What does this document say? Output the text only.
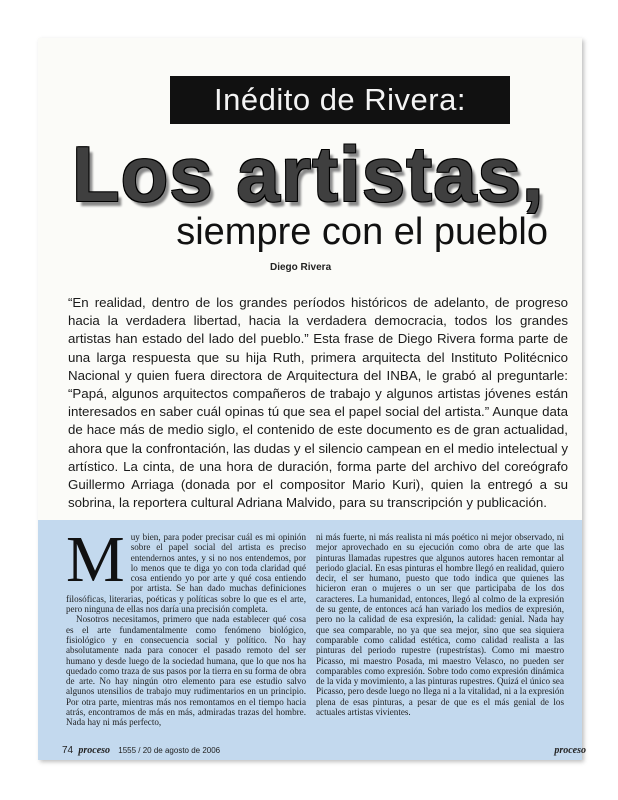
Inédito de Rivera:
Los artistas,
siempre con el pueblo
Diego Rivera

“En realidad, dentro de los grandes períodos históricos de adelanto, de progreso hacia la verdadera libertad, hacia la verdadera democracia, todos los grandes artistas han estado del lado del pueblo.” Esta frase de Diego Rivera forma parte de una larga respuesta que su hija Ruth, primera arquitecta del Instituto Politécnico Nacional y quien fuera directora de Arquitectura del INBA, le grabó al preguntarle: “Papá, algunos arquitectos compañeros de trabajo y algunos artistas jóvenes están interesados en saber cuál opinas tú que sea el papel social del artista.” Aunque data de hace más de medio siglo, el contenido de este documento es de gran actualidad, ahora que la confrontación, las dudas y el silencio campean en el medio intelectual y artístico. La cinta, de una hora de duración, forma parte del archivo del coreógrafo Guillermo Arriaga (donada por el compositor Mario Kuri), quien la entregó a su sobrina, la reportera cultural Adriana Malvido, para su transcripción y publicación.

M uy bien, para poder precisar cuál es mi opinión sobre el papel social del artista es preciso entendernos antes, y si no nos entendemos, por lo menos que te diga yo con toda claridad qué cosa entiendo yo por arte y qué cosa entiendo por artista. Se han dado muchas definiciones filosóficas, literarias, poéticas y políticas sobre lo que es el arte, pero ninguna de ellas nos daría una precisión completa.
Nosotros necesitamos, primero que nada establecer qué cosa es el arte fundamentalmente como fenómeno biológico, fisiológico y en consecuencia social y político. No hay absolutamente nada para conocer el pasado remoto del ser humano y desde luego de la sociedad humana, que lo que nos ha quedado como traza de sus pasos por la tierra en su forma de obra de arte. No hay ningún otro elemento para ese estudio salvo algunos utensilios de trabajo muy rudimentarios en un principio. Por otra parte, mientras más nos remontamos en el tiempo hacia atrás, encontramos de más en más, admiradas trazas del hombre. Nada hay ni más perfecto,
ni más fuerte, ni más realista ni más poético ni mejor observado, ni mejor aprovechado en su ejecución como obra de arte que las pinturas llamadas rupestres que algunos autores hacen remontar al periodo glacial. En esas pinturas el hombre llegó en realidad, quiero decir, el ser humano, puesto que todo indica que quienes las hicieron eran o mujeres o un ser que participaba de los dos caracteres. La humanidad, entonces, llegó al colmo de la expresión de su gente, de entonces acá han variado los medios de expresión, pero no la calidad de esa expresión, la calidad: genial. Nada hay que sea comparable, no ya que sea mejor, sino que sea siquiera comparable como calidad estética, como calidad realista a las pinturas del periodo rupestre (rupestrístas). Como mi maestro Picasso, mi maestro Posada, mi maestro Velasco, no pueden ser comparables como expresión. Sobre todo como expresión dinámica de la vida y movimiento, a las pinturas rupestres. Quizá el único sea Picasso, pero desde luego no llega ni a la vitalidad, ni a la expresión plena de esas pinturas, a pesar de que es el más genial de los actuales artistas vivientes.
74 proceso 1555 / 20 de agosto de 2006	proceso
